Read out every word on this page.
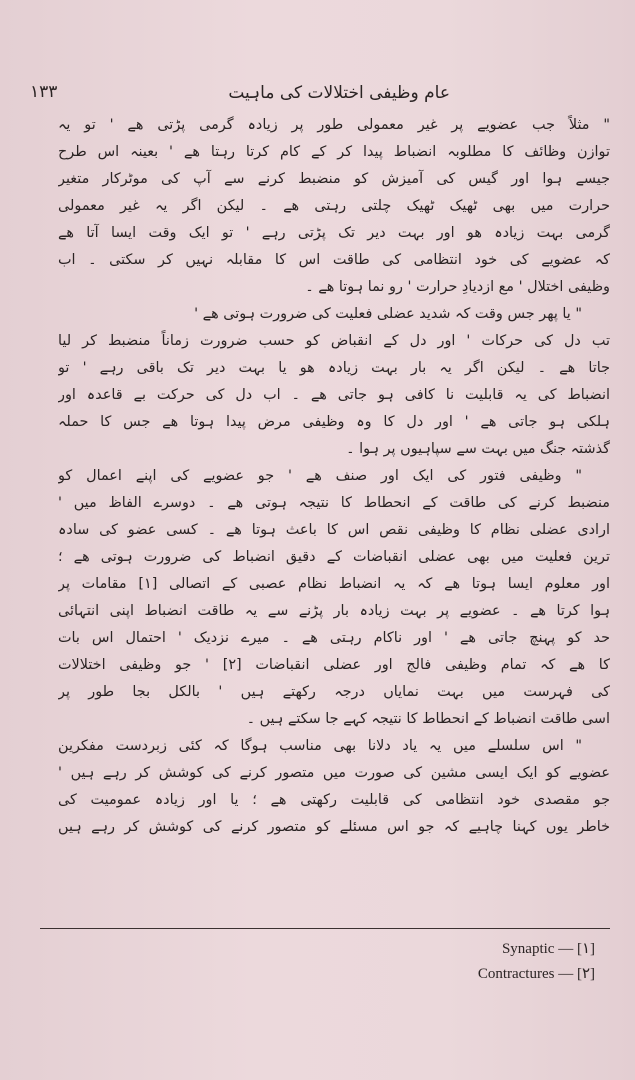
۱۳۳	عام وظیفی اختلالات کی ماہیت
" مثلاً جب عضویے پر غیر معمولی طور پر زیادہ گرمی پڑتی ھے ' تو یہ
توازن وظائف کا مطلوبہ انضباط پیدا کر کے کام کرتا رہتا ھے ' بعینہ اس طرح
جیسے ہوا اور گیس کی آمیزش کو منضبط کرنے سے آپ کی موٹرکار متغیر
حرارت میں بھی ٹھیک ٹھیک چلتی رہتی ھے ۔ لیکن اگر یہ غیر معمولی
گرمی بہت زیادہ ھو اور بہت دیر تک پڑتی رہے ' تو ایک وقت ایسا آتا ھے
کہ عضویے کی خود انتظامی کی طاقت اس کا مقابلہ نہیں کر سکتی ۔ اب
وظیفی اختلال ' مع ازدیادِ حرارت ' رو نما ہوتا ھے ۔
" یا پھر جس وقت کہ شدید عضلی فعلیت کی ضرورت ہوتی ھے '
تب دل کی حرکات ' اور دل کے انقباض کو حسب ضرورت زماناً منضبط کر لیا
جاتا ھے ۔ لیکن اگر یہ بار بہت زیادہ ھو یا بہت دیر تک باقی رہے ' تو
انضباط کی یہ قابلیت نا کافی ہو جاتی ھے ۔ اب دل کی حرکت بے قاعدہ اور
ہلکی ہو جاتی ھے ' اور دل کا وہ وظیفی مرض پیدا ہوتا ھے جس کا حملہ
گذشتہ جنگ میں بہت سے سپاہیوں پر ہوا ۔
" وظیفی فتور کی ایک اور صنف ھے ' جو عضویے کی اپنے اعمال کو
منضبط کرنے کی طاقت کے انحطاط کا نتیجہ ہوتی ھے ۔ دوسرے الفاظ میں '
ارادی عضلی نظام کا وظیفی نقص اس کا باعث ہوتا ھے ۔ کسی عضو کی سادہ
ترین فعلیت میں بھی عضلی انقباضات کے دقیق انضباط کی ضرورت ہوتی ھے ؛
اور معلوم ایسا ہوتا ھے کہ یہ انضباط نظام عصبی کے اتصالی [۱] مقامات پر
ہوا کرتا ھے ۔ عضویے پر بہت زیادہ بار پڑنے سے یہ طاقت انضباط اپنی انتہائی
حد کو پہنچ جاتی ھے ' اور ناکام رہتی ھے ۔ میرے نزدیک ' احتمال اس بات
کا ھے کہ تمام وظیفی فالج اور عضلی انقباضات [۲] ' جو وظیفی اختلالات
کی فہرست میں بہت نمایاں درجہ رکھتے ہیں ' بالکل بجا طور پر
اسی طاقت انضباط کے انحطاط کا نتیجہ کہے جا سکتے ہیں ۔
" اس سلسلے میں یہ یاد دلانا بھی مناسب ہوگا کہ کئی زبردست مفکرین
عضویے کو ایک ایسی مشین کی صورت میں متصور کرنے کی کوشش کر رہے ہیں '
جو مقصدی خود انتظامی کی قابلیت رکھتی ھے ؛ یا اور زیادہ عمومیت کی
خاطر یوں کہنا چاہیے کہ جو اس مسئلے کو متصور کرنے کی کوشش کر رہے ہیں
Synaptic — [۱]
Contractures — [۲]
